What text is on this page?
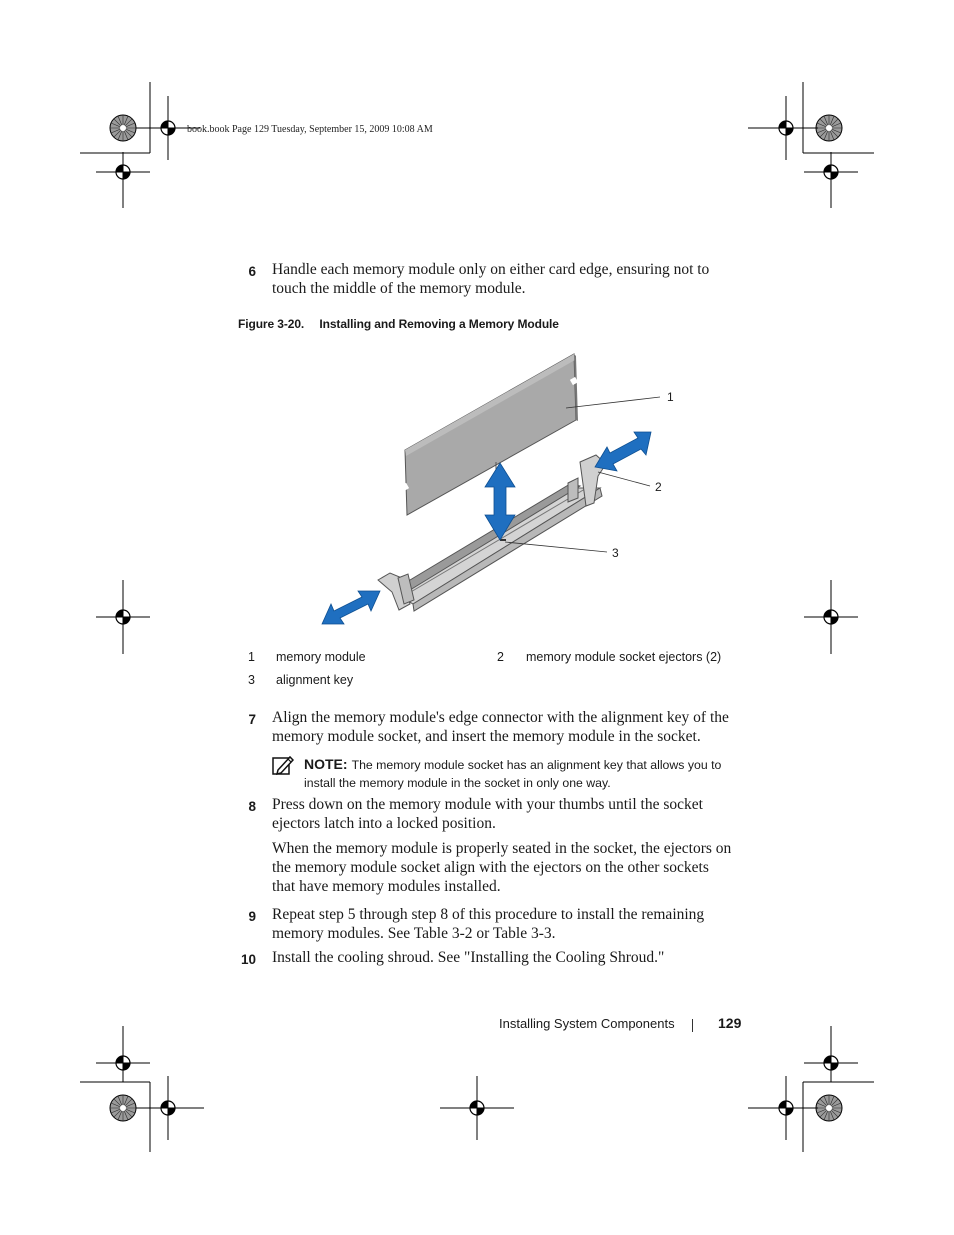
book.book Page 129 Tuesday, September 15, 2009 10:08 AM
6 Handle each memory module only on either card edge, ensuring not to
touch the middle of the memory module.
Figure 3-20. Installing and Removing a Memory Module
1
2
3
1 memory module	2 memory module socket ejectors (2)
3 alignment key
7 Align the memory module's edge connector with the alignment key of the
memory module socket, and insert the memory module in the socket.
NOTE: The memory module socket has an alignment key that allows you to
install the memory module in the socket in only one way.
8 Press down on the memory module with your thumbs until the socket
ejectors latch into a locked position.
When the memory module is properly seated in the socket, the ejectors on
the memory module socket align with the ejectors on the other sockets
that have memory modules installed.
9 Repeat step 5 through step 8 of this procedure to install the remaining
memory modules. See Table 3-2 or Table 3-3.
10 Install the cooling shroud. See "Installing the Cooling Shroud."
Installing System Components	129
